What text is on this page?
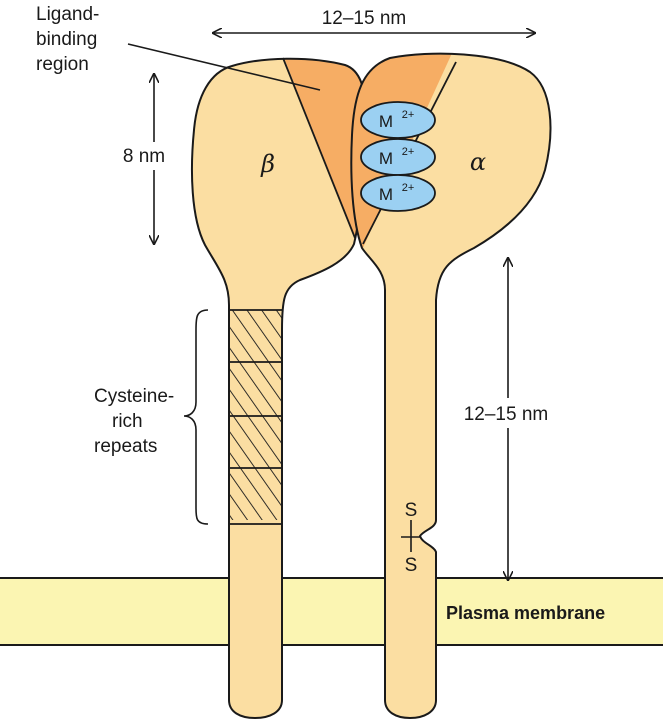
M 2+
M 2+
M 2+
β	α
12–15 nm
Ligand-
binding
region
8 nm
Cysteine-
rich
repeats
12–15 nm
S
S
Plasma membrane
